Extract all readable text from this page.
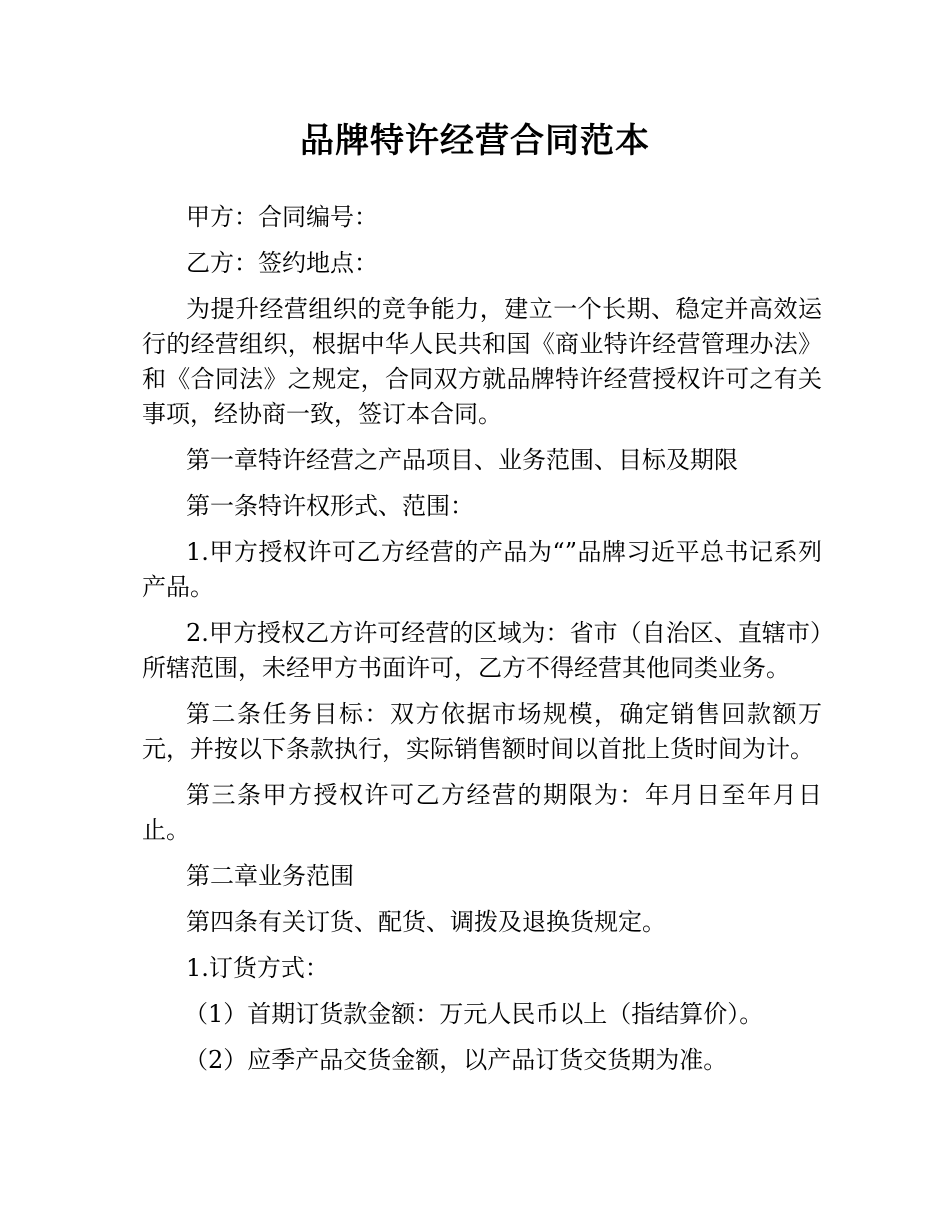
品牌特许经营合同范本

甲方：合同编号：

乙方：签约地点：

为提升经营组织的竞争能力，建立一个长期、稳定并高效运行的经营组织，根据中华人民共和国《商业特许经营管理办法》和《合同法》之规定，合同双方就品牌特许经营授权许可之有关事项，经协商一致，签订本合同。

第一章特许经营之产品项目、业务范围、目标及期限

第一条特许权形式、范围：

1.甲方授权许可乙方经营的产品为“”品牌习近平总书记系列产品。

2.甲方授权乙方许可经营的区域为：省市（自治区、直辖市）所辖范围，未经甲方书面许可，乙方不得经营其他同类业务。

第二条任务目标：双方依据市场规模，确定销售回款额万元，并按以下条款执行，实际销售额时间以首批上货时间为计。

第三条甲方授权许可乙方经营的期限为：年月日至年月日止。

第二章业务范围

第四条有关订货、配货、调拨及退换货规定。

1.订货方式：

（1）首期订货款金额：万元人民币以上（指结算价）。

（2）应季产品交货金额，以产品订货交货期为准。
